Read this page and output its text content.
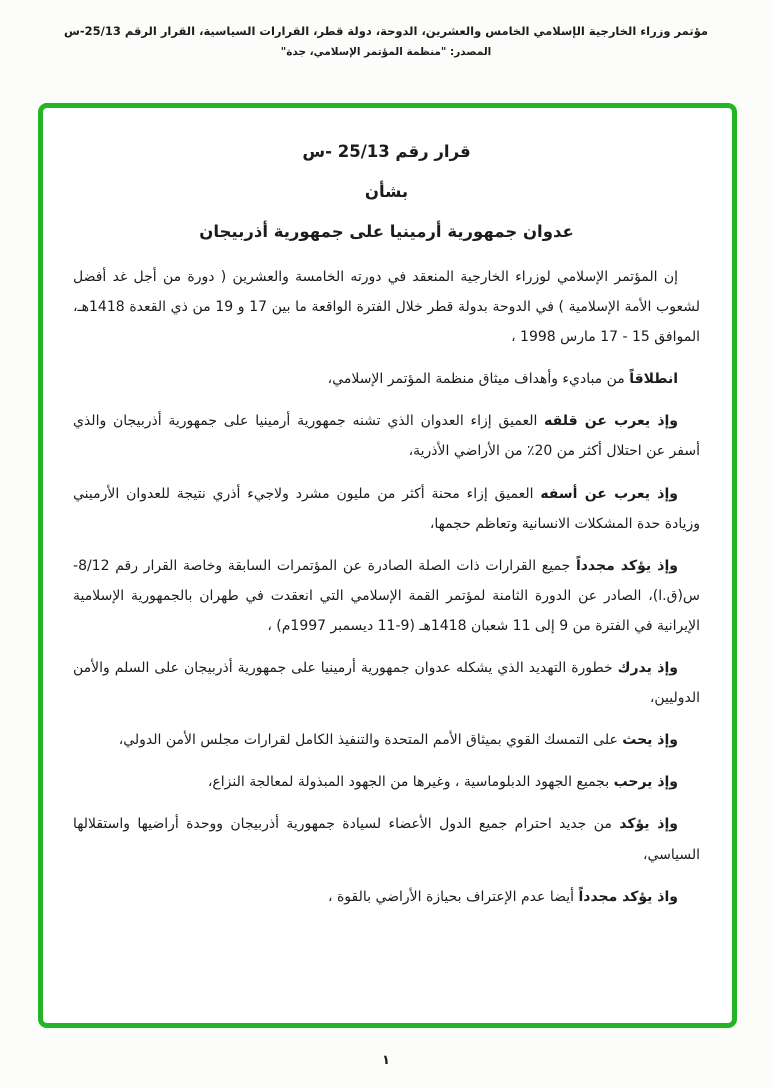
مؤتمر وزراء الخارجية الإسلامي الخامس والعشرين، الدوحة، دولة قطر، القرارات السياسية، القرار الرقم 25/13-س
المصدر: "منظمة المؤتمر الإسلامي، جدة"
قرار رقم 25/13 -س
بشأن
عدوان جمهورية أرمينيا على جمهورية أذربيجان

إن المؤتمر الإسلامي لوزراء الخارجية المنعقد في دورته الخامسة والعشرين ( دورة من أجل غد أفضل لشعوب الأمة الإسلامية ) في الدوحة بدولة قطر خلال الفترة الواقعة ما بين 17 و 19 من ذي القعدة 1418هـ، الموافق 15 - 17 مارس 1998 ،

انطلاقاً من مباديء وأهداف ميثاق منظمة المؤتمر الإسلامي،

وإذ يعرب عن قلقه العميق إزاء العدوان الذي تشنه جمهورية أرمينيا على جمهورية أذربيجان والذي أسفر عن احتلال أكثر من 20٪ من الأراضي الأذرية،

وإذ يعرب عن أسفه العميق إزاء محنة أكثر من مليون مشرد ولاجيء أذري نتيجة للعدوان الأرميني وزيادة حدة المشكلات الانسانية وتعاظم حجمها،

وإذ يؤكد مجدداً جميع القرارات ذات الصلة الصادرة عن المؤتمرات السابقة وخاصة القرار رقم 8/12-س(ق.ا)، الصادر عن الدورة الثامنة لمؤتمر القمة الإسلامي التي انعقدت في طهران بالجمهورية الإسلامية الإيرانية في الفترة من 9 إلى 11 شعبان 1418هـ (9-11 ديسمبر 1997م) ،

وإذ يدرك خطورة التهديد الذي يشكله عدوان جمهورية أرمينيا على جمهورية أذربيجان على السلم والأمن الدوليين،

وإذ يحث على التمسك القوي بميثاق الأمم المتحدة والتنفيذ الكامل لقرارات مجلس الأمن الدولي،

وإذ يرحب بجميع الجهود الدبلوماسية ، وغيرها من الجهود المبذولة لمعالجة النزاع،

وإذ يؤكد من جديد احترام جميع الدول الأعضاء لسيادة جمهورية أذربيجان ووحدة أراضيها واستقلالها السياسي،

واذ يؤكد مجدداً أيضا عدم الإعتراف بحيازة الأراضي بالقوة ،

١
